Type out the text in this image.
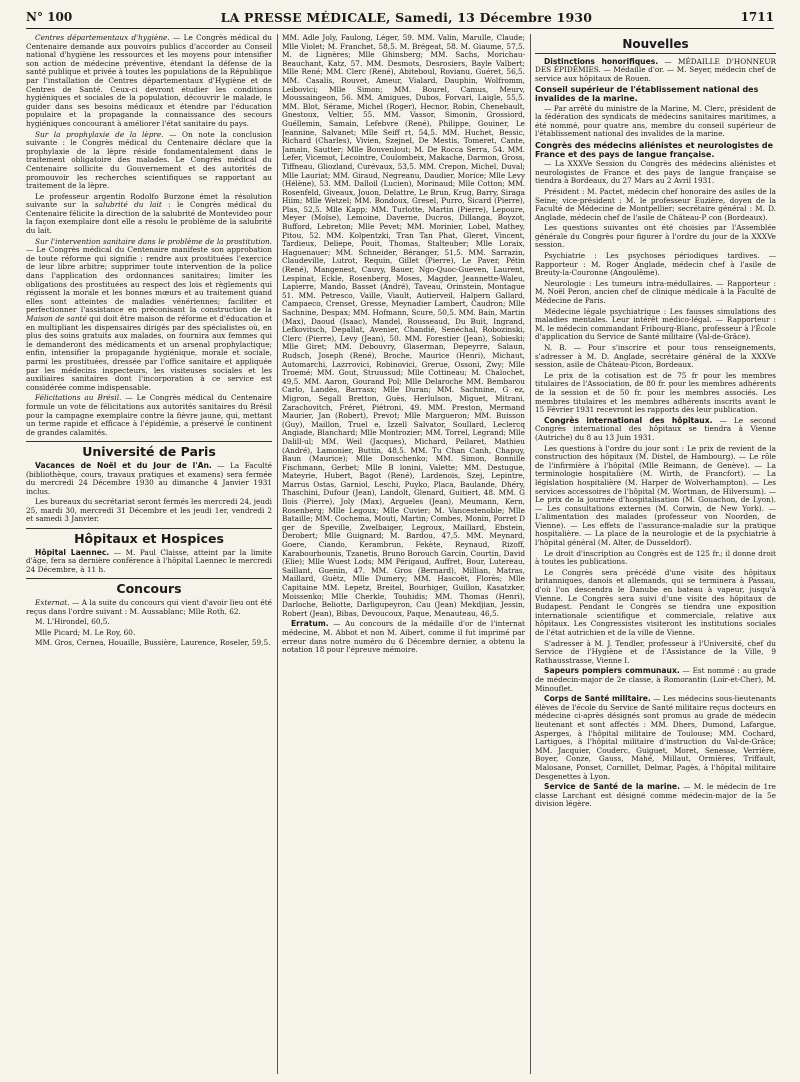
N° 100	LA PRESSE MÉDICALE, Samedi, 13 Décembre 1930	1711

Centres départementaux d'hygiène. — Le Congrès médical du Centenaire demande aux pouvoirs publics d'accorder au Conseil national d'hygiène les ressources et les moyens pour intensifier son action de médecine préventive, étendant la défense de la santé publique et privée à toutes les populations de la République par l'installation de Centres départementaux d'Hygiène et de Centres de Santé. Ceux-ci devront étudier les conditions hygiéniques et sociales de la population, découvrir le malade, le guider dans ses besoins médicaux et étendre par l'éducation populaire et la propagande la connaissance des secours hygiéniques concourant à améliorer l'état sanitaire du pays.

Sur la prophylaxie de la lèpre. — On note la conclusion suivante : le Congrès médical du Centenaire déclare que la prophylaxie de la lèpre réside fondamentalement dans le traitement obligatoire des malades. Le Congrès médical du Centenaire sollicite du Gouvernement et des autorités de promouvoir les recherches scientifiques se rapportant au traitement de la lèpre.

Le professeur argentin Rodolfo Burzone émet la résolution suivante sur la salubrité du lait : le Congrès médical du Centenaire félicite la direction de la salubrité de Montevideo pour la façon exemplaire dont elle a résolu le problème de la salubrité du lait.

Sur l'intervention sanitaire dans le problème de la prostitution. — Le Congrès médical du Centenaire manifeste son approbation de toute réforme qui signifie : rendre aux prostituées l'exercice de leur libre arbitre; supprimer toute intervention de la police dans l'application des ordonnances sanitaires; limiter les obligations des prostituées au respect des lois et règlements qui régissent la morale et les bonnes mœurs et au traitement quand elles sont atteintes de maladies vénériennes; faciliter et perfectionner l'assistance en préconisant la construction de la Maison de santé qui doit être maison de réforme et d'éducation et en multipliant les dispensaires dirigés par des spécialistes où, en plus des soins gratuits aux malades, on fournira aux femmes qui le demanderont des médicaments et un arsenal prophylactique; enfin, intensifier la propagande hygiénique, morale et sociale, parmi les prostituées, dressée par l'office sanitaire et appliquée par les médecins inspecteurs, les visiteuses sociales et les auxiliaires sanitaires dont l'incorporation à ce service est considérée comme indispensable.

Félicitations au Brésil. — Le Congrès médical du Centenaire formule un vote de félicitations aux autorités sanitaires du Brésil pour la campagne exemplaire contre la fièvre jaune, qui, mettant un terme rapide et efficace à l'épidémie, a préservé le continent de grandes calamités.

Université de Paris

Vacances de Noël et du Jour de l'An. — La Faculté (bibliothèque, cours, travaux pratiques et examens) sera fermée du mercredi 24 Décembre 1930 au dimanche 4 Janvier 1931 inclus.

Les bureaux du secrétariat seront fermés les mercredi 24, jeudi 25, mardi 30, mercredi 31 Décembre et les jeudi 1er, vendredi 2 et samedi 3 Janvier.

Hôpitaux et Hospices

Hôpital Laennec. — M. Paul Claisse, atteint par la limite d'âge, fera sa dernière conférence à l'hôpital Laennec le mercredi 24 Décembre, à 11 h.

Concours

Externat. — A la suite du concours qui vient d'avoir lieu ont été reçus dans l'ordre suivant : M. Aussablanc; Mlle Roth, 62.

M. L'Hirondel, 60,5.

Mlle Picard; M. Le Roy, 60.

MM. Gros, Cernea, Houaille, Bussière, Laurence, Roseler, 59,5.

MM. Adle Joly, Faulong, Léger, 59. MM. Valin, Marulle, Claude; Mlle Violet; M. Franchet, 58,5. M. Brégeat, 58. M. Giaume, 57,5. M. de Lignères; Mlle Ghinsberg; MM. Sachs, Morichau-Beauchant, Katz, 57. MM. Desmots, Desrosiers, Bayle Valbert; Mlle René; MM. Clerc (René), Abiteboul, Rovianu, Guéret, 56,5. MM. Casalis, Rouvet, Ameur, Vialard, Dauphin, Wolfromm, Leibovici; Mlle Simon; MM. Bourel, Camus, Meurv, Moussaingeon, 56. MM. Amigues, Dubos, Forvari, Laigle, 55,5. MM. Blot, Sérame, Michel (Roger), Hecnor, Robin, Chenebault, Gnestoux, Veltier, 55. MM. Vassor, Simonin, Grossiord, Guéllemin, Samain, Lefebvre (René), Philippe, Gouiner, Le Jeannine, Salvanet; Mlle Seiff rt, 54,5. MM. Huchet, Bessic, Richard (Charles), Vivien, Szejnel, De Mestis, Tomeret, Cante, Jamain, Sautter; Mlle Bouvenlout; M. De Rocca Serra, 54. MM. Lefer, Vicemot, Lecointre, Coulombeix, Makache, Darmon, Gross, Tiffneau, Gliozland, Curévaux, 53,5. MM. Crepon, Michel, Duval; Mlle Lauriat; MM. Giraud, Negreanu, Daudier, Morice; Mlle Levy (Hélène), 53. MM. Dalloil (Lucien), Morinaud; Mlle Cotton; MM. Rosenfeld, Giveaux, Jouon, Delattre, Le Brun, Krug, Barry, Siraga Hiim; Mlle Wetzel; MM. Bondoux, Gresel, Purro, Sicard (Pierre), Plas, 52,5. Mlle Kapp; MM. Turlotte, Martin (Pierre), Lepoure, Meyer (Moïse), Lemoine, Daverne, Ducros, Dillanga, Boyzot, Bufford, Lebreton; Mlle Pevet; MM. Morinier, Lobel, Mathey, Pitou, 52. MM. Kolpentzki, Tran Tan Phat, Gleret, Vincent, Tardieux, Deliepe, Pouit, Thomas, Stalteuber; Mlle Loraix, Haguenauer; MM. Schneider, Béranger, 51,5. MM. Sarrazin, Claudeville, Lutrot, Requin, Gillet (Pierre), Le Paver, Pétin (René), Mangenest, Cauvy, Bauer, Ngo-Quoc-Gueven, Laurent, Lespinat, Eckle, Rosenberg, Moses, Magder, Jeannette-Waleu, Lapierre, Mando, Basset (André), Taveau, Orinstein, Montague 51. MM. Petresco, Vaille, Viault, Autierveil, Halpern Gallard, Campaeco, Crenset, Gresse, Meynadier Lambert, Caudron; Mlle Sachnine, Despax; MM. Hofmann, Scure, 50,5. MM. Bain, Martin (Max), Daoud (Isaac), Mandel, Rousseaud, Du Buit, Ingrand, Lefkovitsch, Depallat, Avenier, Chandié, Senéchal, Robozinski, Clerc (Pierre), Levy (Jean), 50. MM. Forestier (Jean), Sobieski; Mlle Giret; MM. Debouvry, Glaserman, Depeyrre, Salaun, Rudsch, Joseph (René), Broche, Maurice (Henri), Michaut, Automarchi, Lazrrovici, Robinovici, Grerue, Ossoni, Zwy; Mlle Troemé; MM. Gout, Struussud; Mlle Cottineau; M. Chalochet, 49,5. MM. Aaron, Gourand Pol; Mlle Delaroche MM. Bembarou Carlo, Landès, Barrasx; Mlle Duran; MM. Sachnine, G ez, Migron, Segall Bretton, Guès, Herlulson, Miguet, Mitrani, Zarachovitch, Fréret, Piétroni, 49. MM. Preston, Mermand Maurier, Jan (Robert), Prevot; Mlle Margueron; MM. Buisson (Guy), Maillon, Truel e, Izzell Salvator, Soullard, Leclercq Angiade, Blanchard; Mlle Montrozier; MM. Torrel, Legrand; Mlle Dalill-ul; MM. Weil (Jacques), Michard, Peilaret, Mathieu (André), Lamonier, Buttin, 48,5. MM. Tu Chan Canh, Chapuy, Baun (Maurice); Mlle Donschenko; MM. Simon, Bonnille Fischmann, Gerbet; Mlle B lonini, Valette; MM. Destugue, Mateyrie, Hubert, Bagot (René), Lardenois, Szej, Lepintre, Marrus Ostas, Garniol, Leschi, Puyko, Placa, Baulande, Dhéry, Thaschini, Dufour (Jean), Landolt, Glenard, Guitiert, 48. MM. G Ilois (Pierre), Joly (Max), Argueles (Jean), Meumann, Kern, Rosenberg; Mlle Legoux; Mlle Cuvier; M. Vancestenoble; Mlle Bataille; MM. Cochema, Mouti, Martin; Combes, Monin, Porret D ger de Speville, Zwelbaiger, Legroux, Maillard, Ebstein, Derobert; Mlle Guignard; M. Bardou, 47,5. MM. Meynard, Goere, Ciando, Kerambrun, Fekète, Reynaud, Rizoff, Karabourbounis, Tzanetis, Bruno Borouch Garcin, Courtin, David (Elie); Mlle Wuest Lods; MM Périgaud, Auffret, Bour, Lutereau, Saillant, Guenin, 47. MM. Gros (Bernard), Millian, Matras, Maillard, Guètz, Mlle Dumery; MM. Hascoët, Florès; Mlle Capitaine MM. Lepetz, Breitel, Bourhiger, Guillon, Kasatzker, Moissenko; Mlle Cherkle, Touhidis; MM. Thomas (Henri), Darloche, Beliotte, Darligupeyron, Cau (Jean) Mekdjian, Jessin, Robert (Jean), Bibas, Devoucoux, Paque, Menauteau, 46,5.

Erratum. — Au concours de la médaille d'or de l'internat médecine, M. Abbot et non M. Aibert, comme il fut imprimé par erreur dans notre numéro du 6 Décembre dernier, a obtenu la notation 18 pour l'épreuve mémoire.

Nouvelles

Distinctions honorifiques. — MÉDAILLE D'HONNEUR DES ÉPIDÉMIES. — Médaille d'or. — M. Seyer, médecin chef de service aux hôpitaux de Rouen.

Conseil supérieur de l'établissement national des invalides de la marine.

— Par arrêté du ministre de la Marine, M. Clerc, président de la fédération des syndicats de médecins sanitaires maritimes, a été nommé, pour quatre ans, membre du conseil supérieur de l'établissement national des invalides de la marine.

Congrès des médecins aliénistes et neurologistes de France et des pays de langue française.

— La XXXVe Session du Congrès des médecins aliénistes et neurologistes de France et des pays de langue française se tiendra à Bordeaux, du 27 Mars au 2 Avril 1931.

Président : M. Pactet, médecin chef honoraire des asiles de la Seine; vice-président : M. le professeur Euzière, doyen de la Faculté de Médecine de Montpellier; secrétaire général : M. D. Anglade, médecin chef de l'asile de Château-P con (Bordeaux).

Les questions suivantes ont été choisies par l'Assemblée générale du Congrès pour figurer à l'ordre du jour de la XXXVe session.

Psychiatrie : Les psychoses périodiques tardives. — Rapporteur : M. Roger Anglade, médecin chef à l'asile de Breuty-la-Couronne (Angoulême).

Neurologie : Les tumeurs intra-médullaires. — Rapporteur : M. Noël Peron, ancien chef de clinique médicale à la Faculté de Médecine de Paris.

Médecine légale psychiatrique : Les fausses simulations des maladies mentales. Leur intérêt médico-légal. — Rapporteur : M. le médecin commandant Fribourg-Blanc, professeur à l'École d'application du Service de Santé militaire (Val-de-Grâce).

N. B. — Pour s'inscrire et pour tous renseignements, s'adresser à M. D. Anglade, secrétaire général de la XXXVe session, asile de Château-Picon, Bordeaux.

Le prix de la cotisation est de 75 fr pour les membres titulaires de l'Association, de 80 fr. pour les membres adhérents de la session et de 50 fr. pour les membres associés. Les membres titulaires et les membres adhérents inscrits avant le 15 Février 1931 recevront les rapports dès leur publication.

Congrès international des hôpitaux. — Le second Congrès international des hôpitaux se tiendra à Vienne (Autriche) du 8 au 13 Juin 1931.

Les questions à l'ordre du jour sont : Le prix de revient de la construction des hôpitaux (M. Distel, de Hambourg). — Le rôle de l'infirmière à l'hôpital (Mlle Reimann, de Genève). — La terminologie hospitalière (M. Wirth, de Francfort). — La législation hospitalière (M. Harper de Wolverhampton). — Les services accessoires de l'hôpital (M. Wortman, de Hilversum). — Le prix de la journée d'hospitalisation (M. Gouachon, de Lyon). — Les consultations externes (M. Corwin, de New York). — L'alimentation des malades (professeur von Noorden, de Vienne). — Les effets de l'assurance-maladie sur la pratique hospitalière. — La place de la neurologie et de la psychiatrie à l'hôpital général (M. Alter, de Dusseldorf).

Le droit d'inscription au Congrès est de 125 fr.; il donne droit à toutes les publications.

Le Congrès sera précédé d'une visite des hôpitaux britanniques, danois et allemands, qui se terminera à Passau, d'où l'on descendra le Danube en bateau à vapeur, jusqu'à Vienne. Le Congrès sera suivi d'une visite des hôpitaux de Budapest. Pendant le Congrès se tiendra une exposition internationale scientifique et commerciale, relative aux hôpitaux. Les Congressistes visiteront les institutions sociales de l'état autrichien et de la ville de Vienne.

S'adresser à M. J. Tendler, professeur à l'Université, chef du Service de l'Hygiène et de l'Assistance de la Ville, 9 Rathausstrasse, Vienne I.

Sapeurs pompiers communaux. — Est nommé : au grade de médecin-major de 2e classe, à Romorantin (Loir-et-Cher), M. Minouflet.

Corps de Santé militaire. — Les médecins sous-lieutenants élèves de l'école du Service de Santé militaire reçus docteurs en médecine ci-après désignés sont promus au grade de médecin lieutenant et sont affectés : MM. Dhers, Dumond, Lafargue, Asperges, à l'hôpital militaire de Toulouse; MM. Cochard, Lartigues, à l'hôpital militaire d'instruction du Val-de-Grâce; MM. Jacquier, Couderc, Guiguet, Moret, Senesse, Verrière, Boyer, Conze, Gauss, Mahé, Millaut, Ormières, Triffault, Malosane, Ponset, Cornillet, Delmar, Pagès, à l'hôpital militaire Desgenettes à Lyon.

Service de Santé de la marine. — M. le médecin de 1re classe Larchant est désigné comme médecin-major de la 5e division légère.
